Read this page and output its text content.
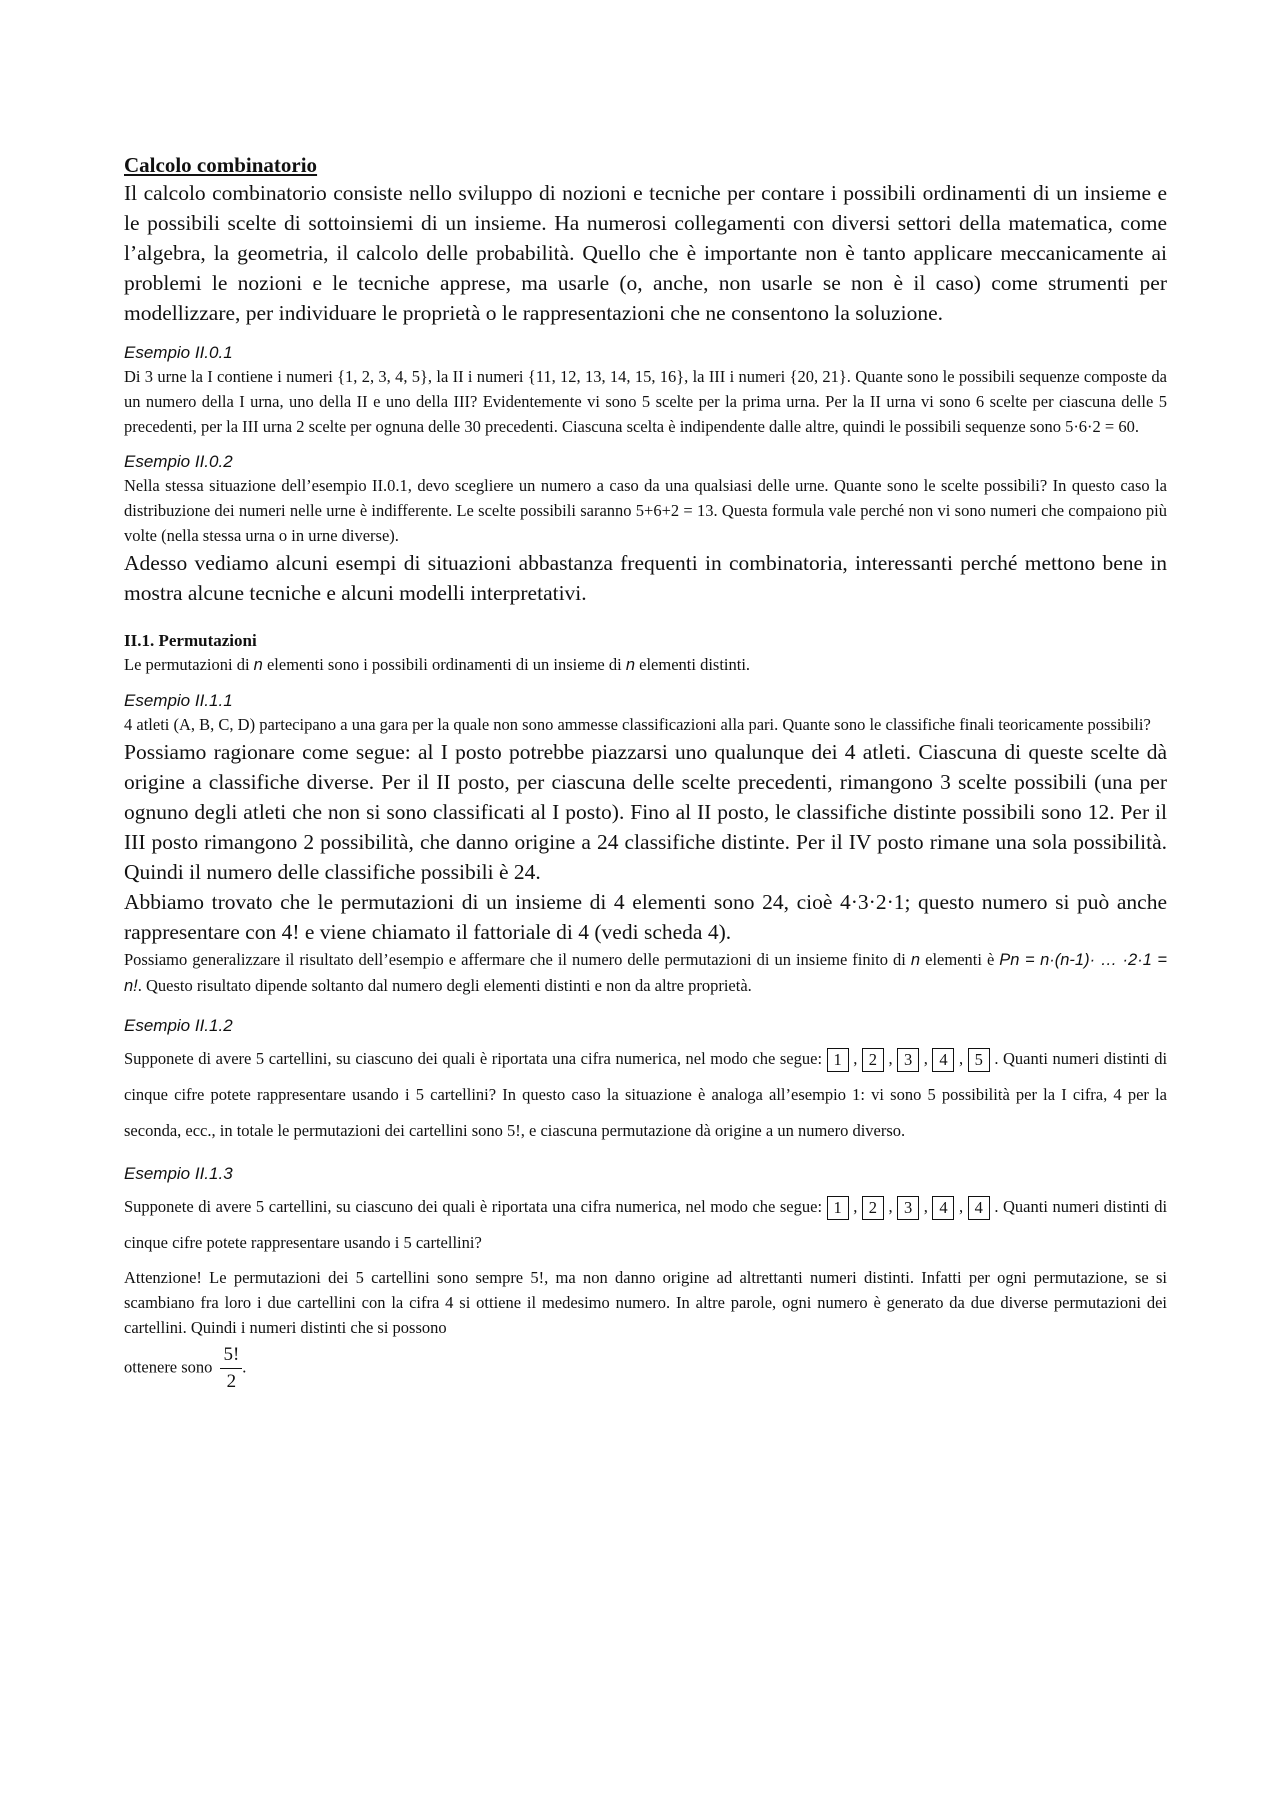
Calcolo combinatorio

Il calcolo combinatorio consiste nello sviluppo di nozioni e tecniche per contare i possibili ordinamenti di un insieme e le possibili scelte di sottoinsiemi di un insieme. Ha numerosi collegamenti con diversi settori della matematica, come l’algebra, la geometria, il calcolo delle probabilità. Quello che è importante non è tanto applicare meccanicamente ai problemi le nozioni e le tecniche apprese, ma usarle (o, anche, non usarle se non è il caso) come strumenti per modellizzare, per individuare le proprietà o le rappresentazioni che ne consentono la soluzione.

Esempio II.0.1

Di 3 urne la I contiene i numeri {1, 2, 3, 4, 5}, la II i numeri {11, 12, 13, 14, 15, 16}, la III i numeri {20, 21}. Quante sono le possibili sequenze composte da un numero della I urna, uno della II e uno della III? Evidentemente vi sono 5 scelte per la prima urna. Per la II urna vi sono 6 scelte per ciascuna delle 5 precedenti, per la III urna 2 scelte per ognuna delle 30 precedenti. Ciascuna scelta è indipendente dalle altre, quindi le possibili sequenze sono 5·6·2 = 60.

Esempio II.0.2

Nella stessa situazione dell’esempio II.0.1, devo scegliere un numero a caso da una qualsiasi delle urne. Quante sono le scelte possibili? In questo caso la distribuzione dei numeri nelle urne è indifferente. Le scelte possibili saranno 5+6+2 = 13. Questa formula vale perché non vi sono numeri che compaiono più volte (nella stessa urna o in urne diverse).

Adesso vediamo alcuni esempi di situazioni abbastanza frequenti in combinatoria, interessanti perché mettono bene in mostra alcune tecniche e alcuni modelli interpretativi.

II.1. Permutazioni

Le permutazioni di n elementi sono i possibili ordinamenti di un insieme di n elementi distinti.

Esempio II.1.1

4 atleti (A, B, C, D) partecipano a una gara per la quale non sono ammesse classificazioni alla pari. Quante sono le classifiche finali teoricamente possibili?

Possiamo ragionare come segue: al I posto potrebbe piazzarsi uno qualunque dei 4 atleti. Ciascuna di queste scelte dà origine a classifiche diverse. Per il II posto, per ciascuna delle scelte precedenti, rimangono 3 scelte possibili (una per ognuno degli atleti che non si sono classificati al I posto). Fino al II posto, le classifiche distinte possibili sono 12. Per il III posto rimangono 2 possibilità, che danno origine a 24 classifiche distinte. Per il IV posto rimane una sola possibilità. Quindi il numero delle classifiche possibili è 24.

Abbiamo trovato che le permutazioni di un insieme di 4 elementi sono 24, cioè 4·3·2·1; questo numero si può anche rappresentare con 4! e viene chiamato il fattoriale di 4 (vedi scheda 4).

Possiamo generalizzare il risultato dell’esempio e affermare che il numero delle permutazioni di un insieme finito di n elementi è Pn = n·(n-1)· … ·2·1 = n!. Questo risultato dipende soltanto dal numero degli elementi distinti e non da altre proprietà.

Esempio II.1.2

Supponete di avere 5 cartellini, su ciascuno dei quali è riportata una cifra numerica, nel modo che segue: 1 , 2 , 3 , 4 , 5 . Quanti numeri distinti di cinque cifre potete rappresentare usando i 5 cartellini? In questo caso la situazione è analoga all’esempio 1: vi sono 5 possibilità per la I cifra, 4 per la seconda, ecc., in totale le permutazioni dei cartellini sono 5!, e ciascuna permutazione dà origine a un numero diverso.

Esempio II.1.3

Supponete di avere 5 cartellini, su ciascuno dei quali è riportata una cifra numerica, nel modo che segue: 1 , 2 , 3 , 4 , 4 . Quanti numeri distinti di cinque cifre potete rappresentare usando i 5 cartellini?

Attenzione! Le permutazioni dei 5 cartellini sono sempre 5!, ma non danno origine ad altrettanti numeri distinti. Infatti per ogni permutazione, se si scambiano fra loro i due cartellini con la cifra 4 si ottiene il medesimo numero. In altre parole, ogni numero è generato da due diverse permutazioni dei cartellini. Quindi i numeri distinti che si possono

ottenere sono $\frac{5!}{2}$ .
